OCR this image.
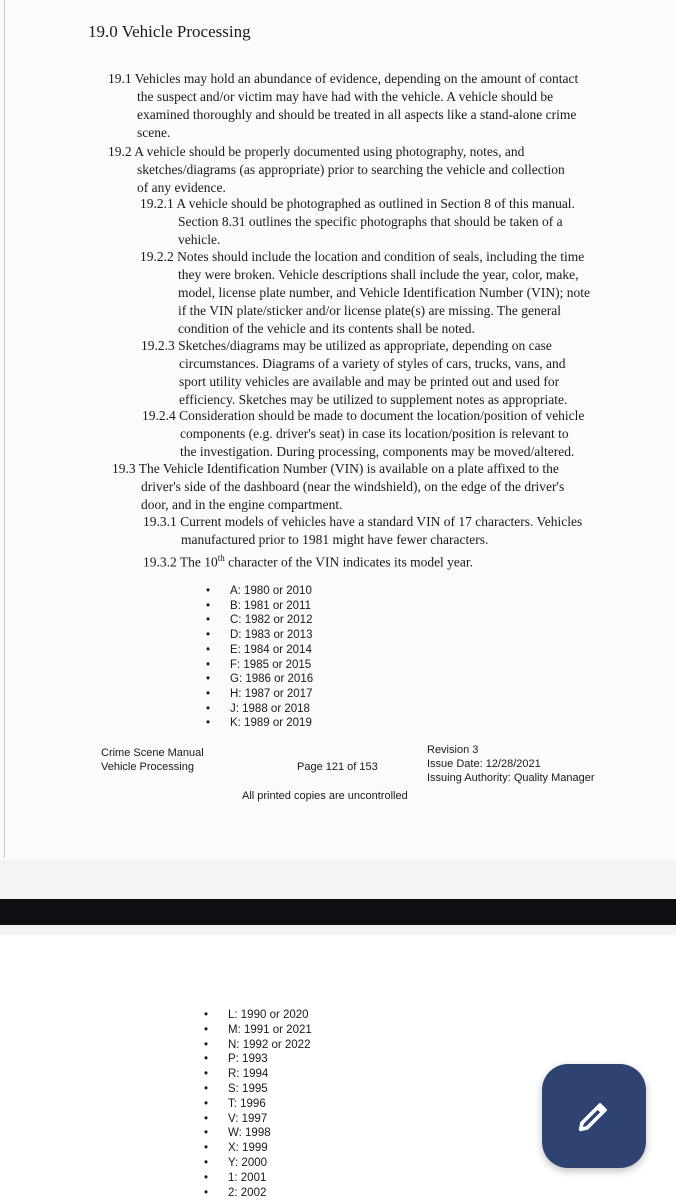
19.0 Vehicle Processing
19.1 Vehicles may hold an abundance of evidence, depending on the amount of contact
the suspect and/or victim may have had with the vehicle. A vehicle should be
examined thoroughly and should be treated in all aspects like a stand-alone crime
scene.
19.2 A vehicle should be properly documented using photography, notes, and
sketches/diagrams (as appropriate) prior to searching the vehicle and collection
of any evidence.
19.2.1 A vehicle should be photographed as outlined in Section 8 of this manual.
Section 8.31 outlines the specific photographs that should be taken of a
vehicle.
19.2.2 Notes should include the location and condition of seals, including the time
they were broken. Vehicle descriptions shall include the year, color, make,
model, license plate number, and Vehicle Identification Number (VIN); note
if the VIN plate/sticker and/or license plate(s) are missing. The general
condition of the vehicle and its contents shall be noted.
19.2.3 Sketches/diagrams may be utilized as appropriate, depending on case
circumstances. Diagrams of a variety of styles of cars, trucks, vans, and
sport utility vehicles are available and may be printed out and used for
efficiency. Sketches may be utilized to supplement notes as appropriate.
19.2.4 Consideration should be made to document the location/position of vehicle
components (e.g. driver's seat) in case its location/position is relevant to
the investigation. During processing, components may be moved/altered.
19.3 The Vehicle Identification Number (VIN) is available on a plate affixed to the
driver's side of the dashboard (near the windshield), on the edge of the driver's
door, and in the engine compartment.
19.3.1 Current models of vehicles have a standard VIN of 17 characters. Vehicles
manufactured prior to 1981 might have fewer characters.
19.3.2 The 10th character of the VIN indicates its model year.
• A: 1980 or 2010
• B: 1981 or 2011
• C: 1982 or 2012
• D: 1983 or 2013
• E: 1984 or 2014
• F: 1985 or 2015
• G: 1986 or 2016
• H: 1987 or 2017
• J: 1988 or 2018
• K: 1989 or 2019
Crime Scene Manual
Vehicle Processing	Page 121 of 153
Revision 3
Issue Date: 12/28/2021
Issuing Authority: Quality Manager
All printed copies are uncontrolled
• L: 1990 or 2020
• M: 1991 or 2021
• N: 1992 or 2022
• P: 1993
• R: 1994
• S: 1995
• T: 1996
• V: 1997
• W: 1998
• X: 1999
• Y: 2000
• 1: 2001
• 2: 2002
